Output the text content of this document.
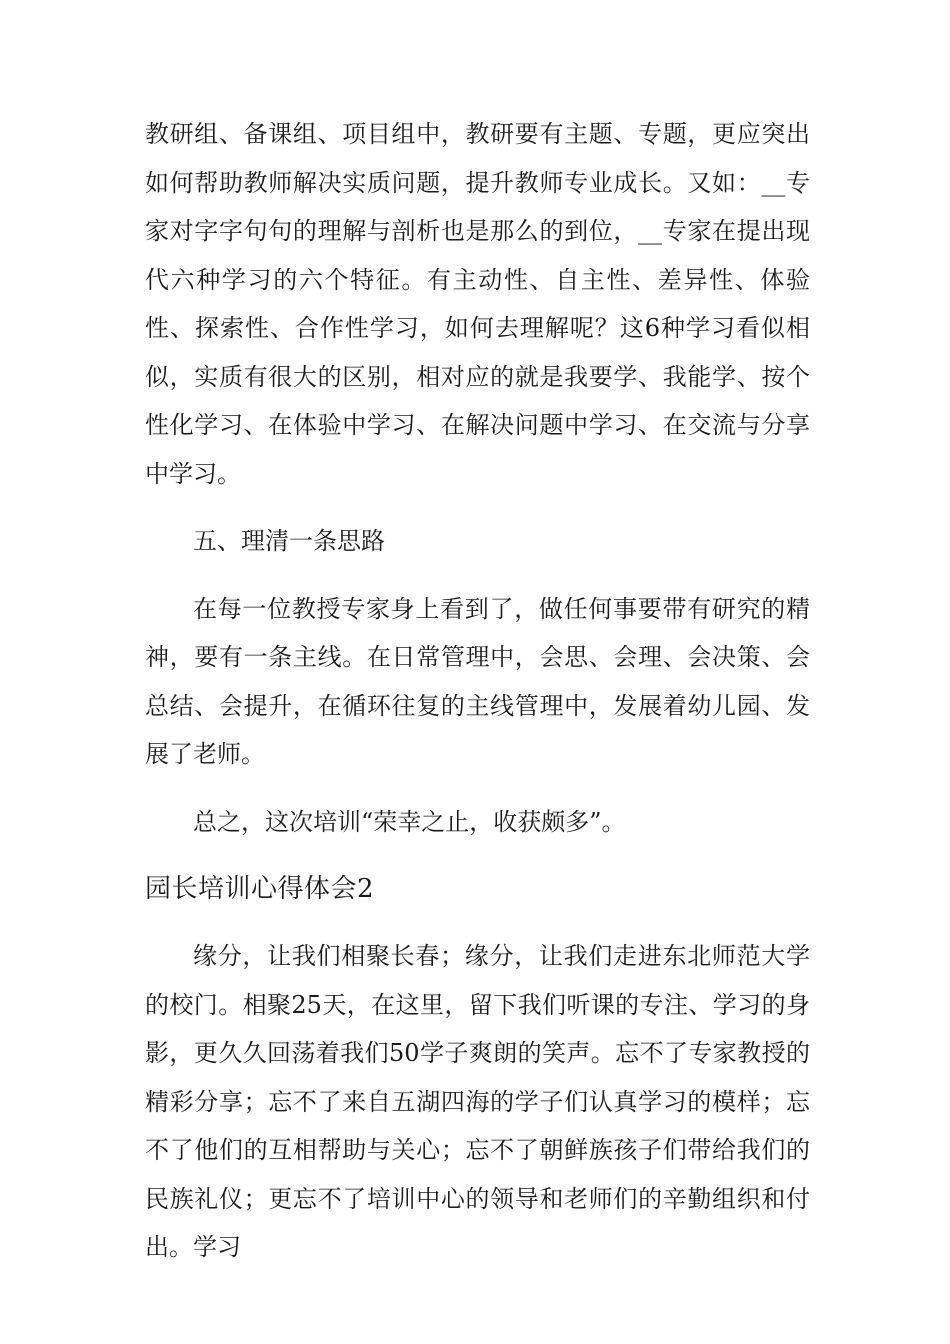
教研组、备课组、项目组中，教研要有主题、专题，更应突出如何帮助教师解决实质问题，提升教师专业成长。又如：__专家对字字句句的理解与剖析也是那么的到位，__专家在提出现代六种学习的六个特征。有主动性、自主性、差异性、体验性、探索性、合作性学习，如何去理解呢？这6种学习看似相似，实质有很大的区别，相对应的就是我要学、我能学、按个性化学习、在体验中学习、在解决问题中学习、在交流与分享中学习。

五、理清一条思路

在每一位教授专家身上看到了，做任何事要带有研究的精神，要有一条主线。在日常管理中，会思、会理、会决策、会总结、会提升，在循环往复的主线管理中，发展着幼儿园、发展了老师。

总之，这次培训“荣幸之止，收获颇多”。

园长培训心得体会2

缘分，让我们相聚长春；缘分，让我们走进东北师范大学的校门。相聚25天，在这里，留下我们听课的专注、学习的身影，更久久回荡着我们50学子爽朗的笑声。忘不了专家教授的精彩分享；忘不了来自五湖四海的学子们认真学习的模样；忘不了他们的互相帮助与关心；忘不了朝鲜族孩子们带给我们的民族礼仪；更忘不了培训中心的领导和老师们的辛勤组织和付出。学习
